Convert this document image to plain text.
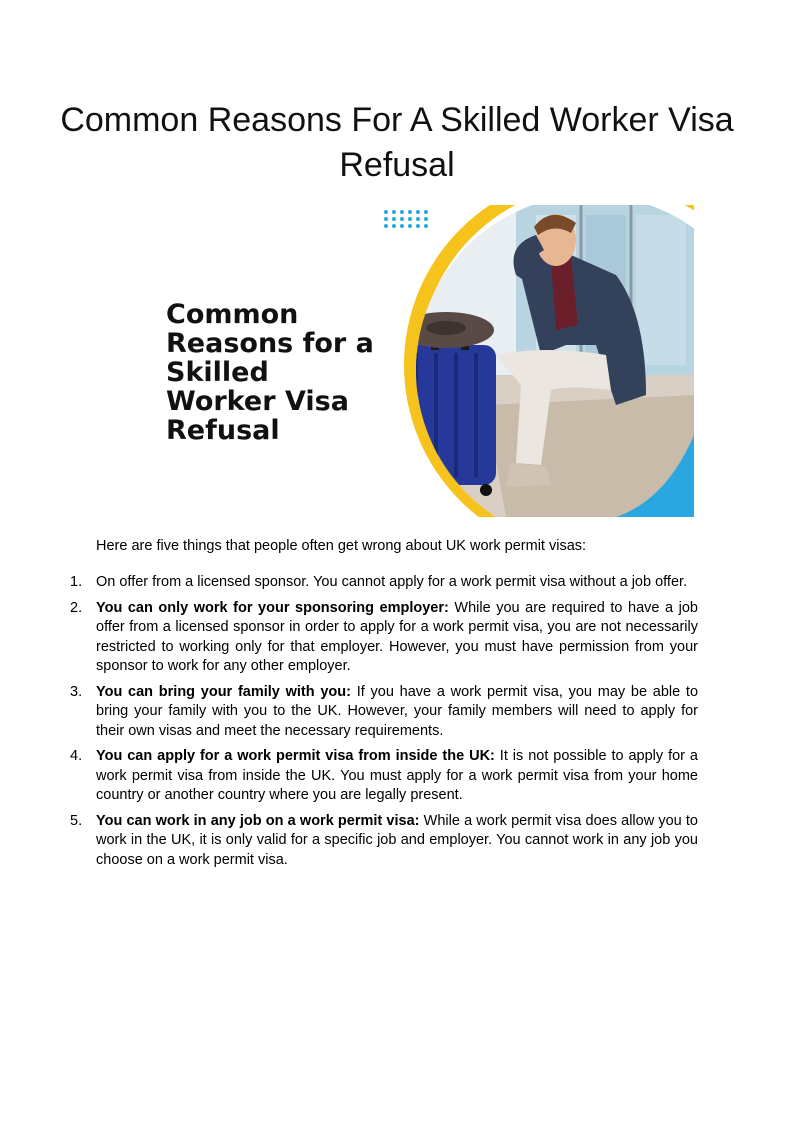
Common Reasons For A Skilled Worker Visa Refusal
Common Reasons for a Skilled Worker Visa Refusal

Here are five things that people often get wrong about UK work permit visas:

1. On offer from a licensed sponsor. You cannot apply for a work permit visa without a job offer.
2. You can only work for your sponsoring employer: While you are required to have a job offer from a licensed sponsor in order to apply for a work permit visa, you are not necessarily restricted to working only for that employer. However, you must have permission from your sponsor to work for any other employer.
3. You can bring your family with you: If you have a work permit visa, you may be able to bring your family with you to the UK. However, your family members will need to apply for their own visas and meet the necessary requirements.
4. You can apply for a work permit visa from inside the UK: It is not possible to apply for a work permit visa from inside the UK. You must apply for a work permit visa from your home country or another country where you are legally present.
5. You can work in any job on a work permit visa: While a work permit visa does allow you to work in the UK, it is only valid for a specific job and employer. You cannot work in any job you choose on a work permit visa.
